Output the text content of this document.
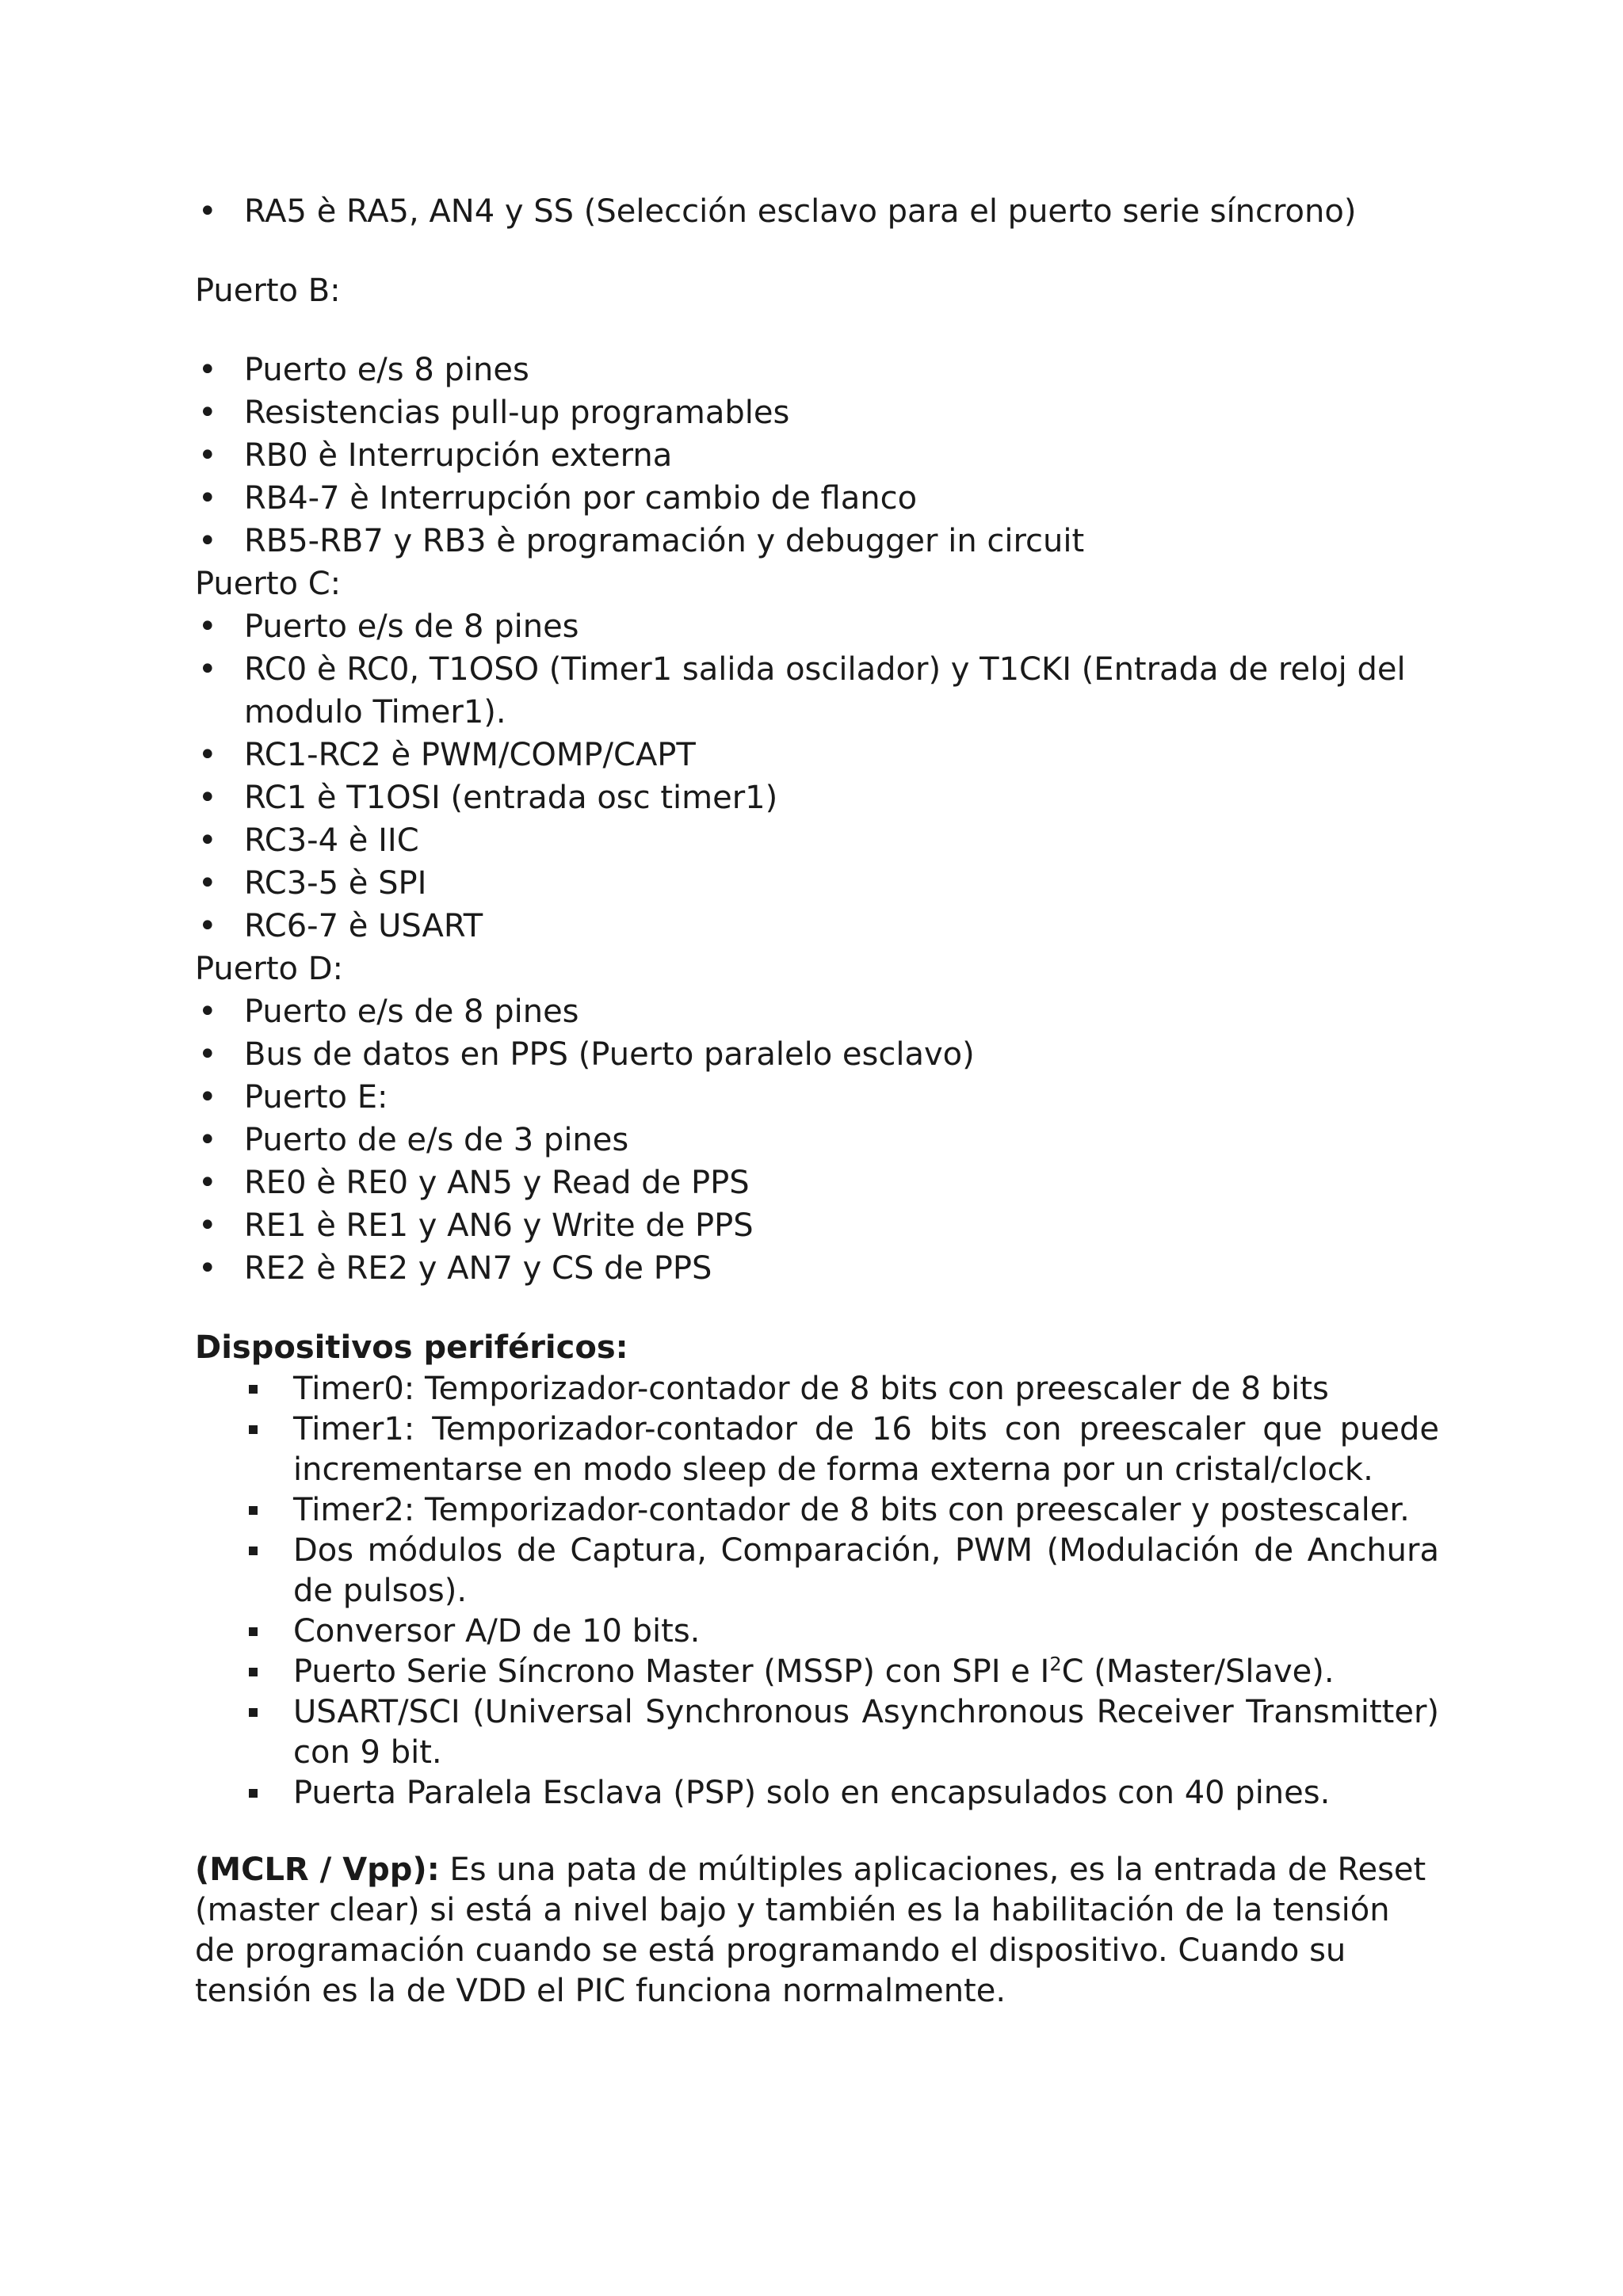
• RA5 è RA5, AN4 y SS (Selección esclavo para el puerto serie síncrono)

Puerto B:

• Puerto e/s 8 pines
• Resistencias pull-up programables
• RB0 è Interrupción externa
• RB4-7 è Interrupción por cambio de flanco
• RB5-RB7 y RB3 è programación y debugger in circuit

Puerto C:

• Puerto e/s de 8 pines
• RC0 è RC0, T1OSO (Timer1 salida oscilador) y T1CKI (Entrada de reloj del modulo Timer1).
• RC1-RC2 è PWM/COMP/CAPT
• RC1 è T1OSI (entrada osc timer1)
• RC3-4 è IIC
• RC3-5 è SPI
• RC6-7 è USART

Puerto D:

• Puerto e/s de 8 pines
• Bus de datos en PPS (Puerto paralelo esclavo)
• Puerto E:
• Puerto de e/s de 3 pines
• RE0 è RE0 y AN5 y Read de PPS
• RE1 è RE1 y AN6 y Write de PPS
• RE2 è RE2 y AN7 y CS de PPS

Dispositivos periféricos:

Timer0: Temporizador-contador de 8 bits con preescaler de 8 bits
Timer1: Temporizador-contador de 16 bits con preescaler que puede incrementarse en modo sleep de forma externa por un cristal/clock.
Timer2: Temporizador-contador de 8 bits con preescaler y postescaler.
Dos módulos de Captura, Comparación, PWM (Modulación de Anchura de pulsos).
Conversor A/D de 10 bits.
Puerto Serie Síncrono Master (MSSP) con SPI e $I^2C$ (Master/Slave).
USART/SCI (Universal Synchronous Asynchronous Receiver Transmitter) con 9 bit.
Puerta Paralela Esclava (PSP) solo en encapsulados con 40 pines.

(MCLR / Vpp): Es una pata de múltiples aplicaciones, es la entrada de Reset (master clear) si está a nivel bajo y también es la habilitación de la tensión de programación cuando se está programando el dispositivo. Cuando su tensión es la de VDD el PIC funciona normalmente.
